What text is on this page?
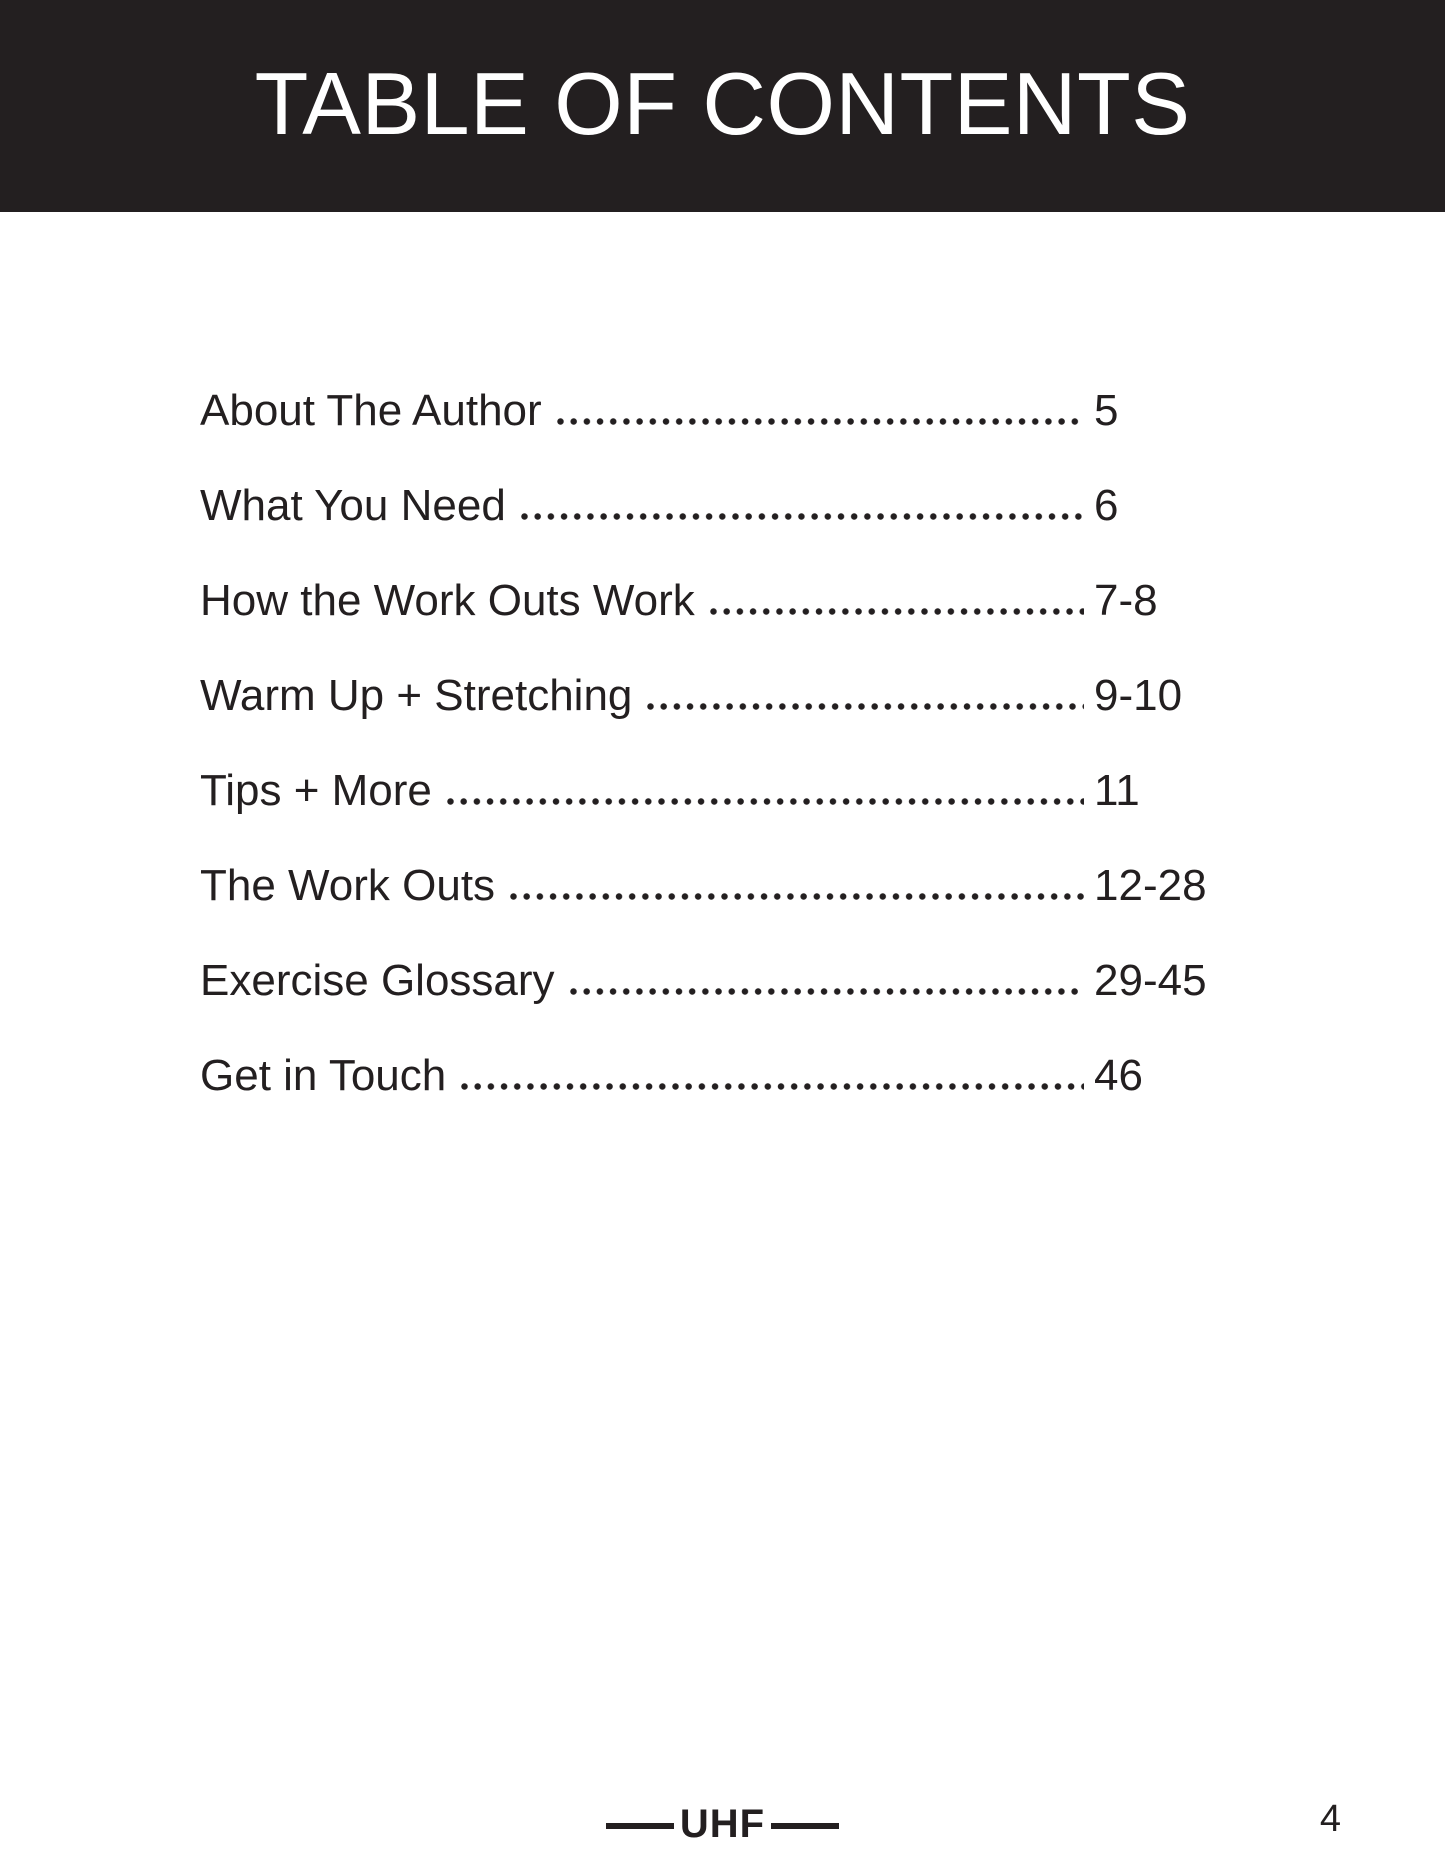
TABLE OF CONTENTS
About The Author	5
What You Need	6
How the Work Outs Work	7-8
Warm Up + Stretching	9-10
Tips + More	11
The Work Outs	12-28
Exercise Glossary	29-45
Get in Touch	46
UHF	4
